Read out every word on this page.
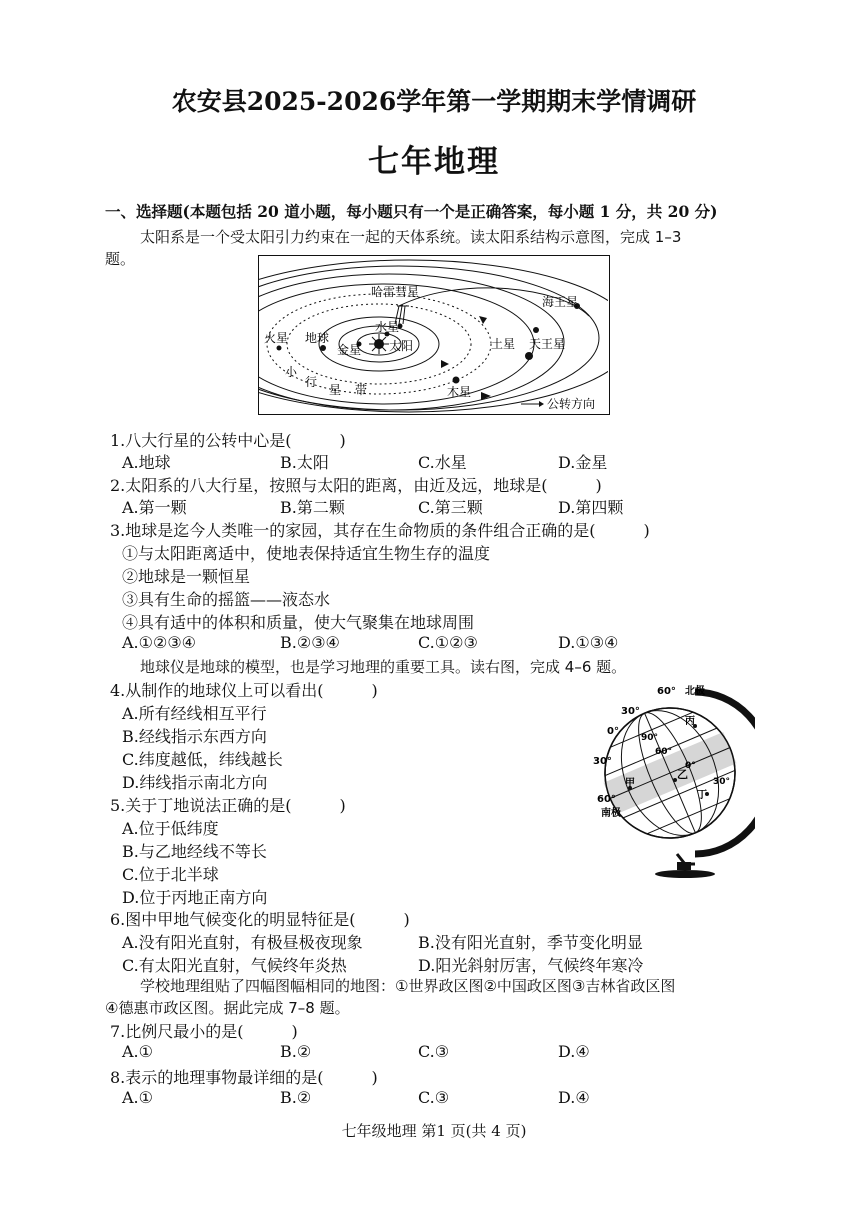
农安县2025-2026学年第一学期期末学情调研
七年地理
一、选择题(本题包括 20 道小题，每小题只有一个是正确答案，每小题 1 分，共 20 分)
太阳系是一个受太阳引力约束在一起的天体系统。读太阳系结构示意图，完成 1–3
题。
哈雷彗星
海王星
水星
火星 地球
金星 太阳	土星 天王星
小
行
星 带	木星
公转方向
1.八大行星的公转中心是(　　　)
A.地球	B.太阳	C.水星	D.金星
2.太阳系的八大行星，按照与太阳的距离，由近及远，地球是(　　　)
A.第一颗	B.第二颗	C.第三颗	D.第四颗
3.地球是迄今人类唯一的家园，其存在生命物质的条件组合正确的是(　　　)
①与太阳距离适中，使地表保持适宜生物生存的温度
②地球是一颗恒星
③具有生命的摇篮——液态水
④具有适中的体积和质量，使大气聚集在地球周围
A.①②③④	B.②③④	C.①②③	D.①③④
地球仪是地球的模型，也是学习地理的重要工具。读右图，完成 4–6 题。
4.从制作的地球仪上可以看出(　　　)
A.所有经线相互平行
B.经线指示东西方向
C.纬度越低，纬线越长
D.纬线指示南北方向
5.关于丁地说法正确的是(　　　)
A.位于低纬度
B.与乙地经线不等长
C.位于北半球
D.位于丙地正南方向
60° 北极
30°
丙
0°
90°
60°
30°
乙
0°
30°
甲
丁
60°
南极
6.图中甲地气候变化的明显特征是(　　　)
A.没有阳光直射，有极昼极夜现象	B.没有阳光直射，季节变化明显
C.有太阳光直射，气候终年炎热	D.阳光斜射厉害，气候终年寒冷
学校地理组贴了四幅图幅相同的地图：①世界政区图②中国政区图③吉林省政区图
④德惠市政区图。据此完成 7–8 题。
7.比例尺最小的是(　　　)
A.①	B.②	C.③	D.④
8.表示的地理事物最详细的是(　　　)
A.①	B.②	C.③	D.④
七年级地理 第1 页(共 4 页)
